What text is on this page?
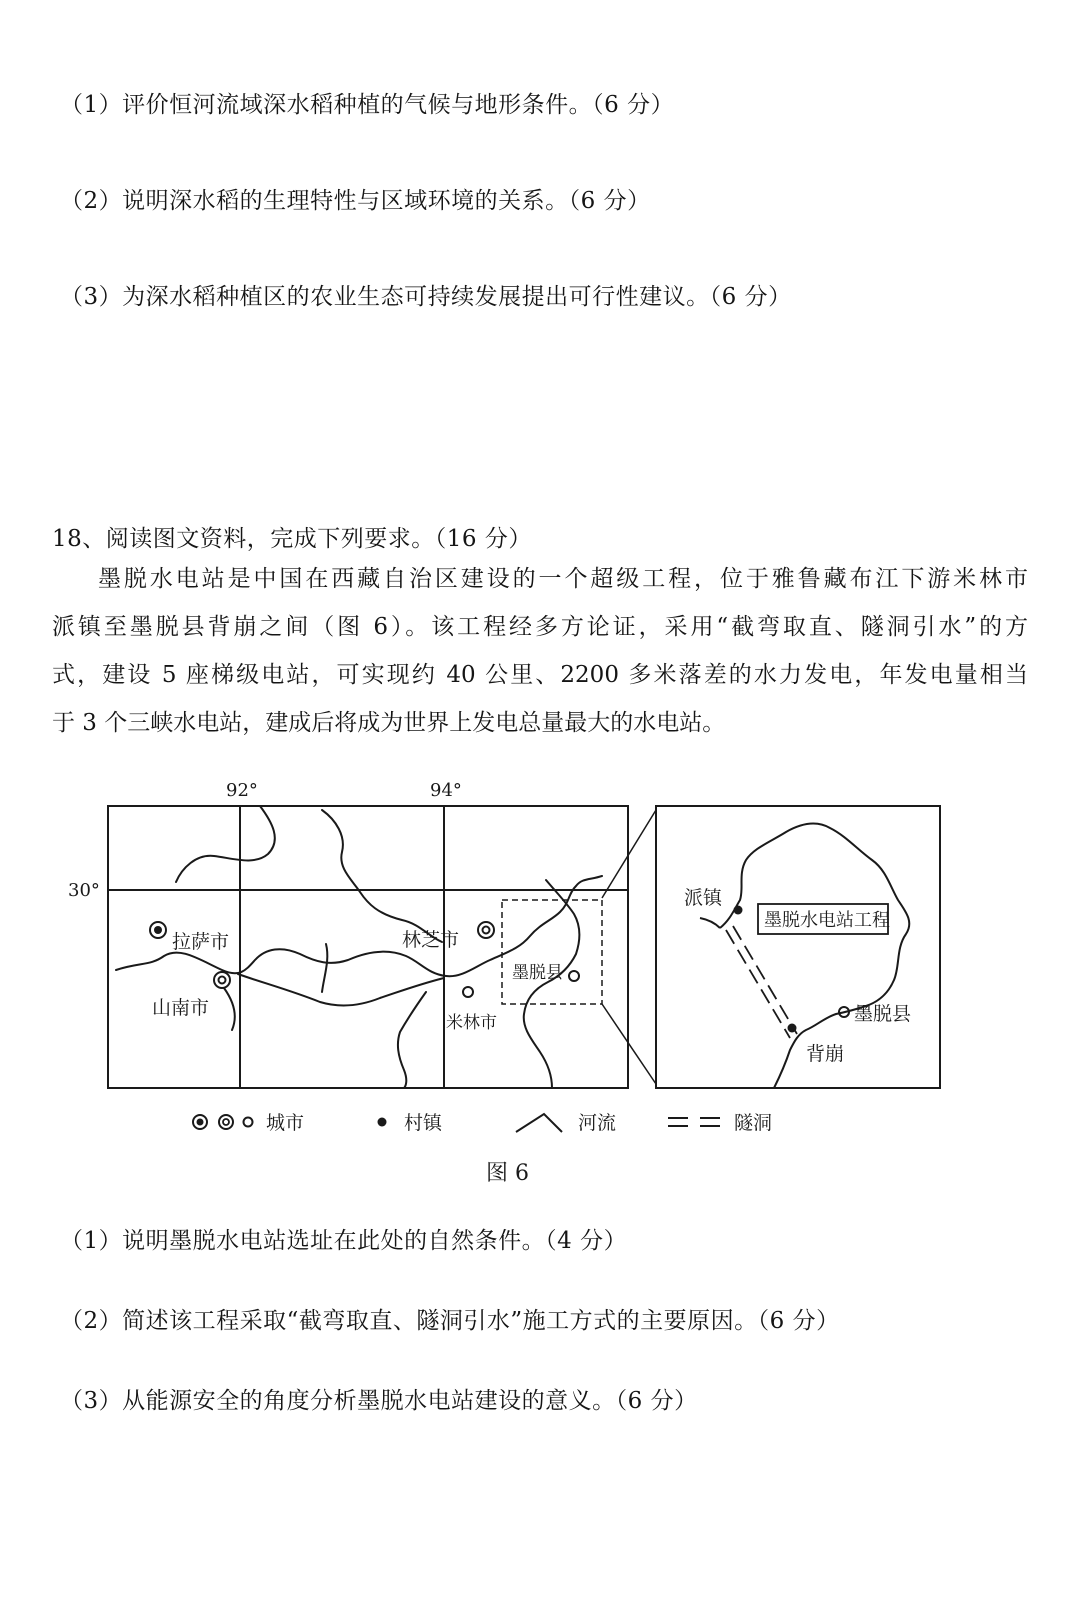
（1）评价恒河流域深水稻种植的气候与地形条件。（6 分）
（2）说明深水稻的生理特性与区域环境的关系。（6 分）
（3）为深水稻种植区的农业生态可持续发展提出可行性建议。（6 分）
18、阅读图文资料，完成下列要求。（16 分）
墨脱水电站是中国在西藏自治区建设的一个超级工程，位于雅鲁藏布江下游米林市
派镇至墨脱县背崩之间（图 6）。该工程经多方论证，采用“截弯取直、隧洞引水”的方
式，建设 5 座梯级电站，可实现约 40 公里、2200 多米落差的水力发电，年发电量相当
于 3 个三峡水电站，建成后将成为世界上发电总量最大的水电站。
92°	94°
30°
拉萨市
山南市
林芝市
米林市
墨脱县
派镇
墨脱水电站工程
墨脱县
背崩
城市	村镇	河流	隧洞
图 6
（1）说明墨脱水电站选址在此处的自然条件。（4 分）
（2）简述该工程采取“截弯取直、隧洞引水”施工方式的主要原因。（6 分）
（3）从能源安全的角度分析墨脱水电站建设的意义。（6 分）
